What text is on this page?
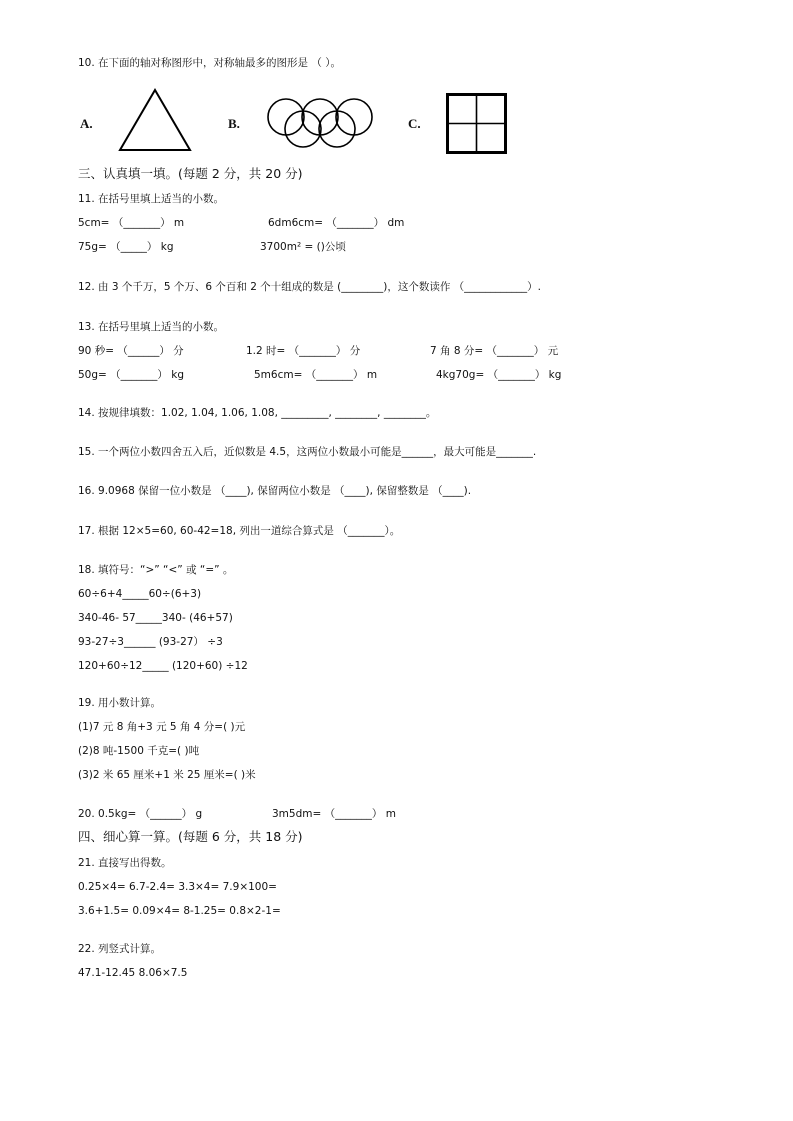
10. 在下面的轴对称图形中，对称轴最多的图形是 （ ）。
A.	B.	C.
三、认真填一填。(每题 2 分，共 20 分)
11. 在括号里填上适当的小数。
5cm= （_______） m	6dm6cm= （_______） dm
75g= （_____） kg	3700m² = ()公顷
12. 由 3 个千万，5 个万、6 个百和 2 个十组成的数是 (________)，这个数读作 （____________）.
13. 在括号里填上适当的小数。
90 秒= （______） 分	1.2 时= （_______） 分	7 角 8 分= （_______） 元
50g= （_______） kg	5m6cm= （_______） m	4kg70g= （_______） kg
14. 按规律填数：1.02, 1.04, 1.06, 1.08, _________, ________, ________。
15. 一个两位小数四舍五入后，近似数是 4.5，这两位小数最小可能是______，最大可能是_______.
16. 9.0968 保留一位小数是 （____), 保留两位小数是 （____), 保留整数是 （____).
17. 根据 12×5=60, 60-42=18, 列出一道综合算式是 （_______）。
18. 填符号：“>” “<” 或 “=” 。
60÷6+4_____60÷(6+3)
340-46- 57_____340- (46+57)
93-27÷3______ (93-27） ÷3
120+60÷12_____ (120+60) ÷12
19. 用小数计算。
(1)7 元 8 角+3 元 5 角 4 分=( )元
(2)8 吨-1500 千克=( )吨
(3)2 米 65 厘米+1 米 25 厘米=( )米
20. 0.5kg= （______） g	3m5dm= （_______） m
四、细心算一算。(每题 6 分，共 18 分)
21. 直接写出得数。
0.25×4= 6.7-2.4= 3.3×4= 7.9×100=
3.6+1.5= 0.09×4= 8-1.25= 0.8×2-1=
22. 列竖式计算。
47.1-12.45 8.06×7.5
